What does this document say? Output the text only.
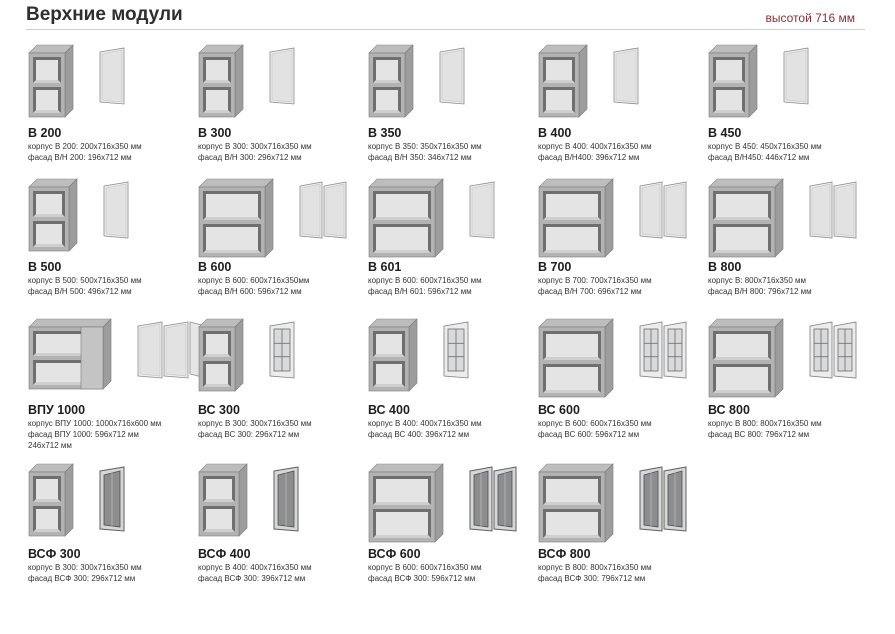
Верхние модули	высотой 716 мм
В 200
корпус В 200: 200х716х350 мм
фасад В/Н 200: 196х712 мм
В 300
корпус В 300: 300х716х350 мм
фасад В/Н 300: 296х712 мм
В 350
корпус В 350: 350х716х350 мм
фасад В/Н 350: 346х712 мм
В 400
корпус В 400: 400х716х350 мм
фасад В/Н400: 396х712 мм
В 450
корпус В 450: 450х716х350 мм
фасад В/Н450: 446х712 мм
В 500
корпус В 500: 500х716х350 мм
фасад В/Н 500: 496х712 мм
В 600
корпус В 600: 600х716х350мм
фасад В/Н 600: 596х712 мм
В 601
корпус В 600: 600х716х350 мм
фасад В/Н 601: 596х712 мм
В 700
корпус В 700: 700х716х350 мм
фасад В/Н 700: 696х712 мм
В 800
корпус В: 800х716х350 мм
фасад В/Н 800: 796х712 мм
ВПУ 1000
корпус ВПУ 1000: 1000х716х600 мм
фасад ВПУ 1000: 596х712 мм
246х712 мм
ВС 300
корпус В 300: 300х716х350 мм
фасад ВС 300: 296х712 мм
ВС 400
корпус В 400: 400х716х350 мм
фасад ВС 400: 396х712 мм
ВС 600
корпус В 600: 600х716х350 мм
фасад ВС 600: 596х712 мм
ВС 800
корпус В 800: 800х716х350 мм
фасад ВС 800: 796х712 мм
ВСФ 300
корпус В 300: 300х716х350 мм
фасад ВСФ 300: 296х712 мм
ВСФ 400
корпус В 400: 400х716х350 мм
фасад ВСФ 300: 396х712 мм
ВСФ 600
корпус В 600: 600х716х350 мм
фасад ВСФ 300: 596х712 мм
ВСФ 800
корпус В 800: 800х716х350 мм
фасад ВСФ 300: 796х712 мм
